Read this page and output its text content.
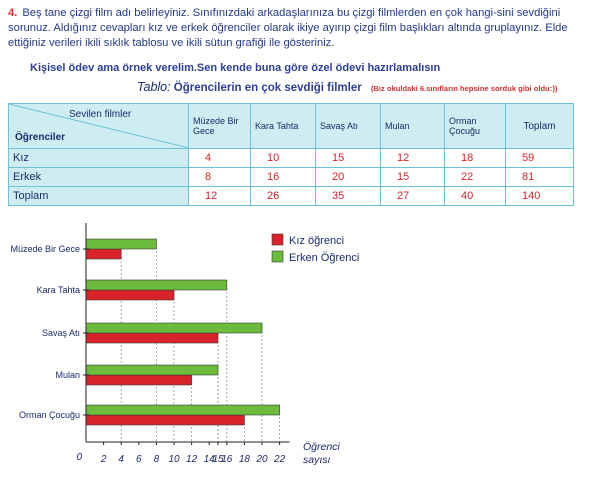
4. Beş tane çizgi film adı belirleyiniz. Sınıfınızdaki arkadaşlarınıza bu çizgi filmlerden en çok hangi-sini sevdiğini sorunuz. Aldığınız cevapları kız ve erkek öğrenciler olarak ikiye ayırıp çizgi film başlıkları altında gruplayınız. Elde ettiğiniz verileri ikili sıklık tablosu ve ikili sütun grafiği ile gösteriniz.
Kişisel ödev ama örnek verelim.Sen kende buna göre özel ödevi hazırlamalısın
Tablo: Öğrencilerin en çok sevdiği filmler (Biz okuldaki 6.sınıfların hepsine sorduk gibi oldu:))
Sevilen filmler
Öğrenciler	Müzede Bir Gece	Kara Tahta	Savaş Atı	Mulan	Orman Çocuğu	Toplam
Kız	4	10	15	12	18	59
Erkek	8	16	20	15	22	81
Toplam	12	26	35	27	40	140
Müzede Bir Gece
Kara Tahta
Savaş Atı
Mulan
Orman Çocuğu
0 2 4 6 8 10 12 14
15
16 18 20 22
Öğrenci
sayısı
Kız öğrenci
Erken Öğrenci
